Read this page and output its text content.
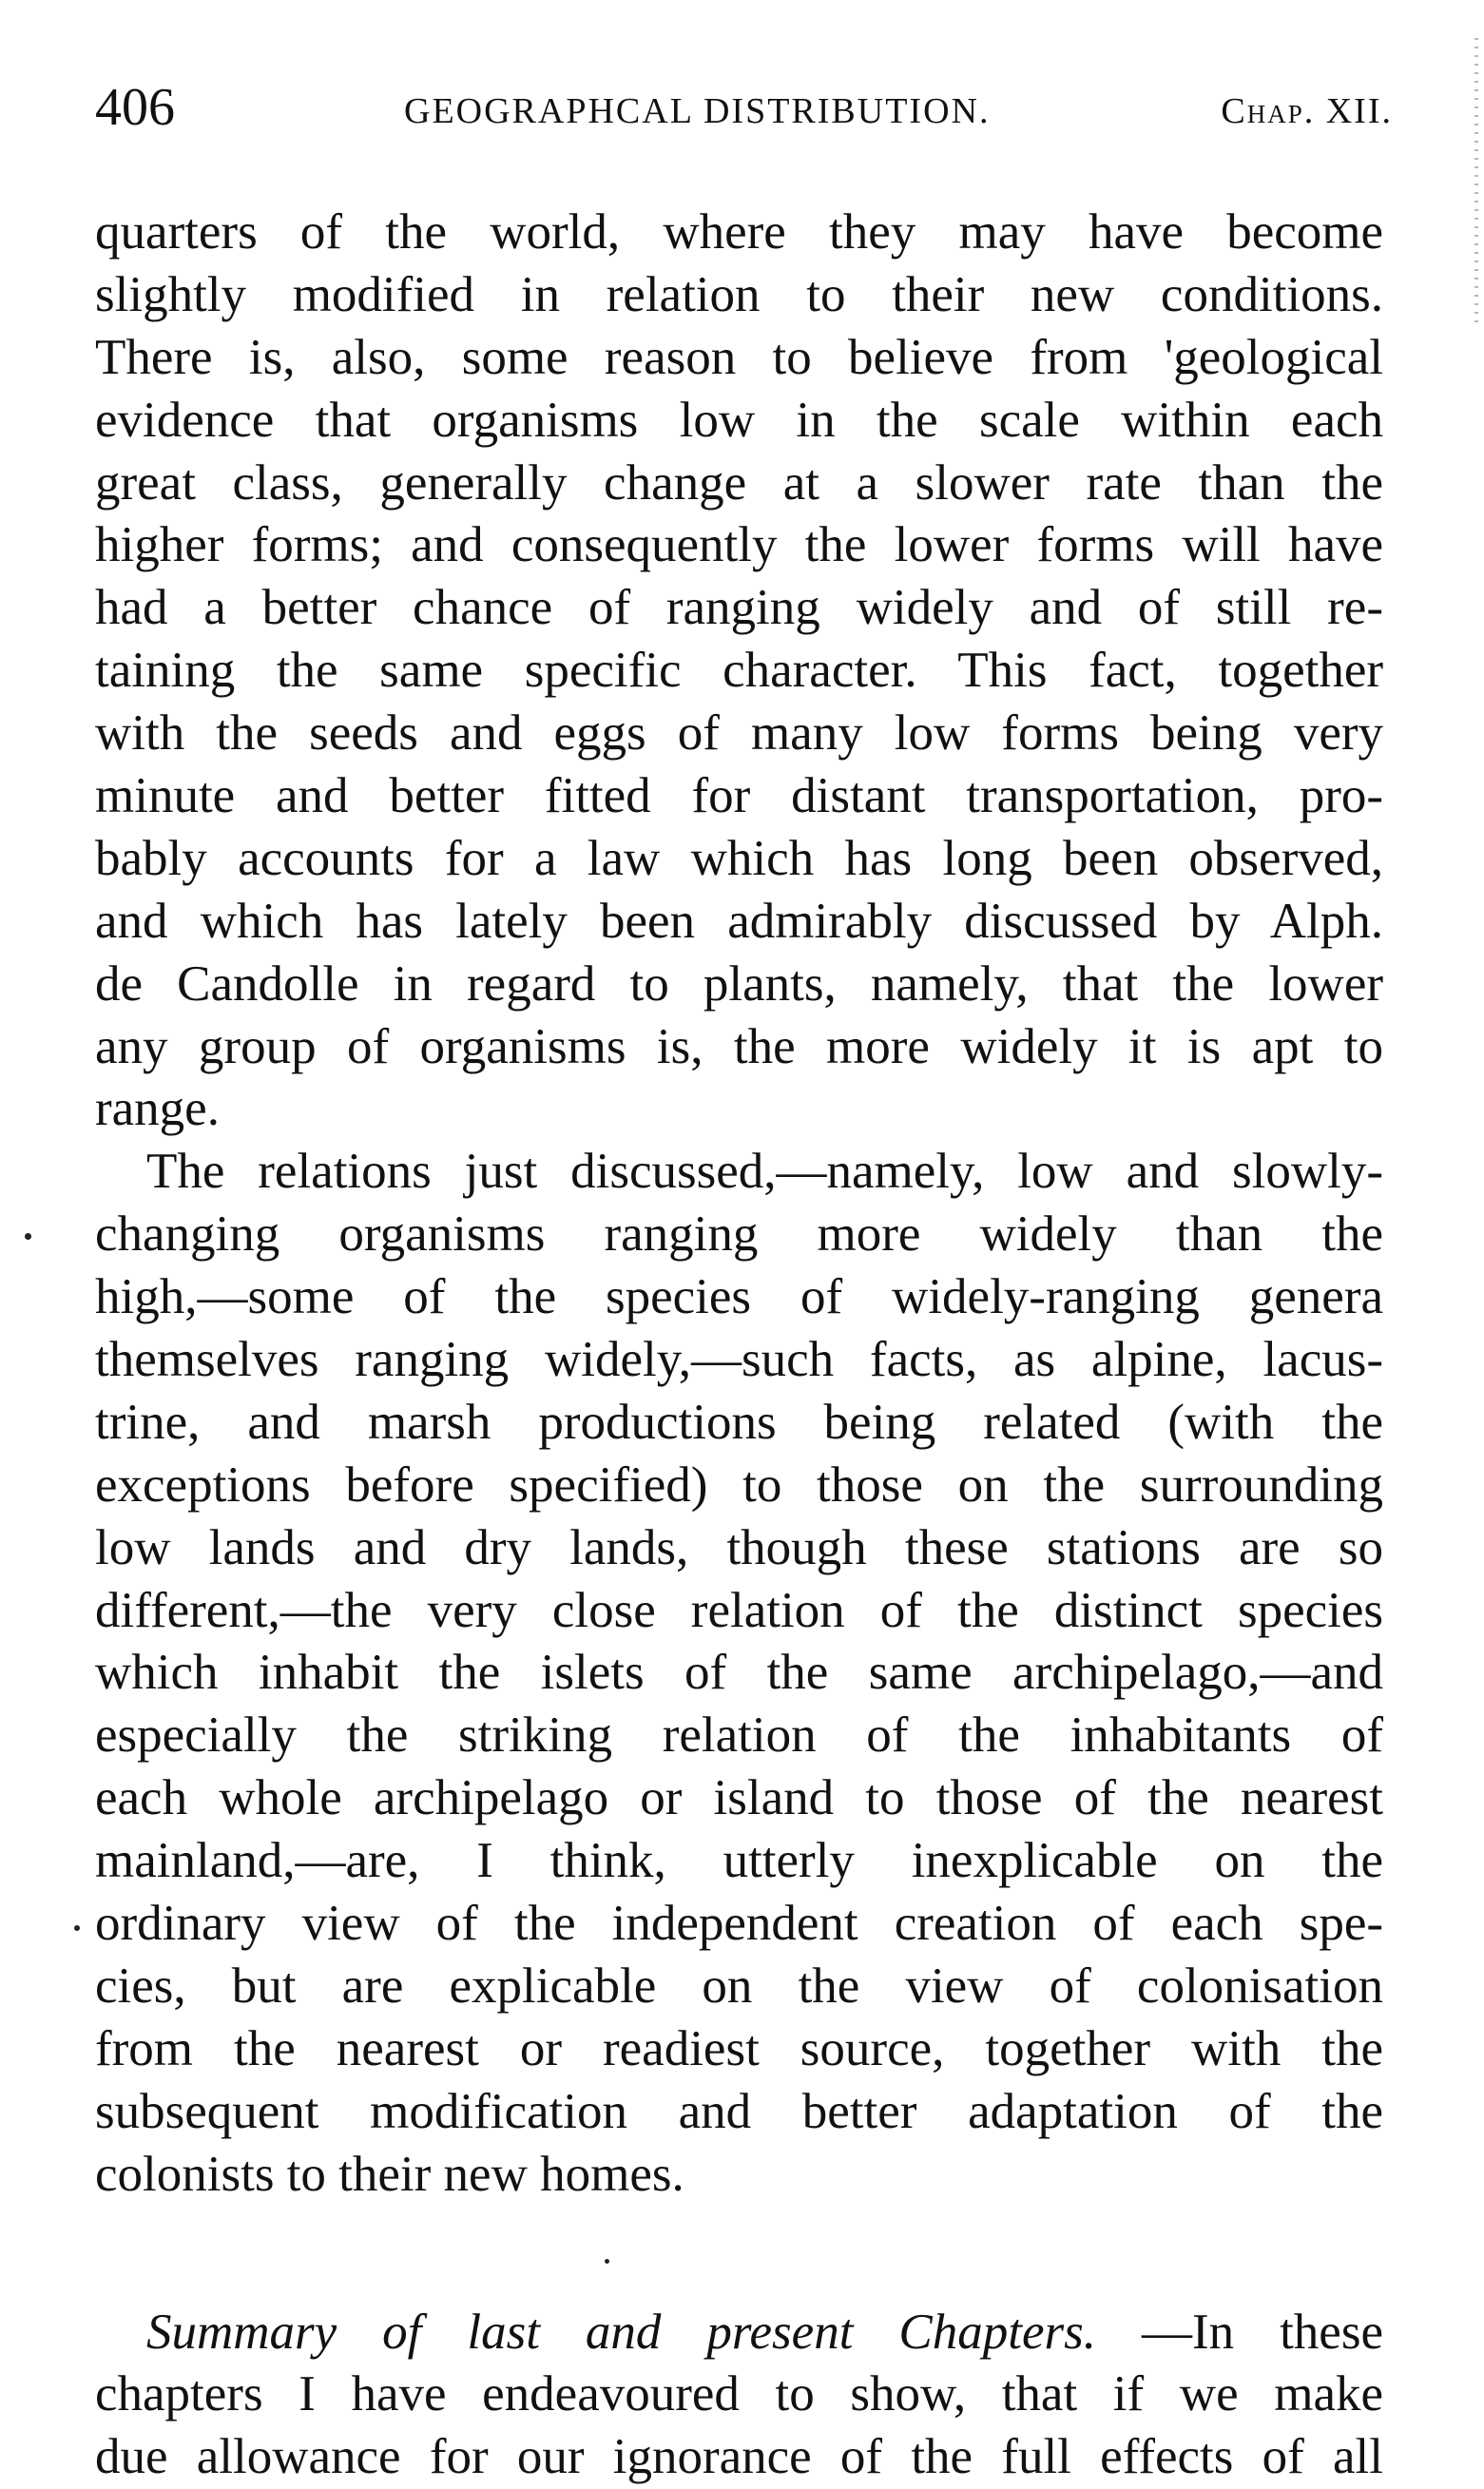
406	GEOGRAPHCAL DISTRIBUTION.	Chap. XII.
quarters of the world, where they may have become
slightly modified in relation to their new conditions.
There is, also, some reason to believe from 'geological
evidence that organisms low in the scale within each
great class, generally change at a slower rate than the
higher forms; and consequently the lower forms will have
had a better chance of ranging widely and of still re-
taining the same specific character. This fact, together
with the seeds and eggs of many low forms being very
minute and better fitted for distant transportation, pro-
bably accounts for a law which has long been observed,
and which has lately been admirably discussed by Alph.
de Candolle in regard to plants, namely, that the lower
any group of organisms is, the more widely it is apt to
range.
The relations just discussed,—namely, low and slowly-
changing organisms ranging more widely than the
high,—some of the species of widely-ranging genera
themselves ranging widely,—such facts, as alpine, lacus-
trine, and marsh productions being related (with the
exceptions before specified) to those on the surrounding
low lands and dry lands, though these stations are so
different,—the very close relation of the distinct species
which inhabit the islets of the same archipelago,—and
especially the striking relation of the inhabitants of
each whole archipelago or island to those of the nearest
mainland,—are, I think, utterly inexplicable on the
ordinary view of the independent creation of each spe-
cies, but are explicable on the view of colonisation
from the nearest or readiest source, together with the
subsequent modification and better adaptation of the
colonists to their new homes.
Summary of last and present Chapters. —In these
chapters I have endeavoured to show, that if we make
due allowance for our ignorance of the full effects of all
